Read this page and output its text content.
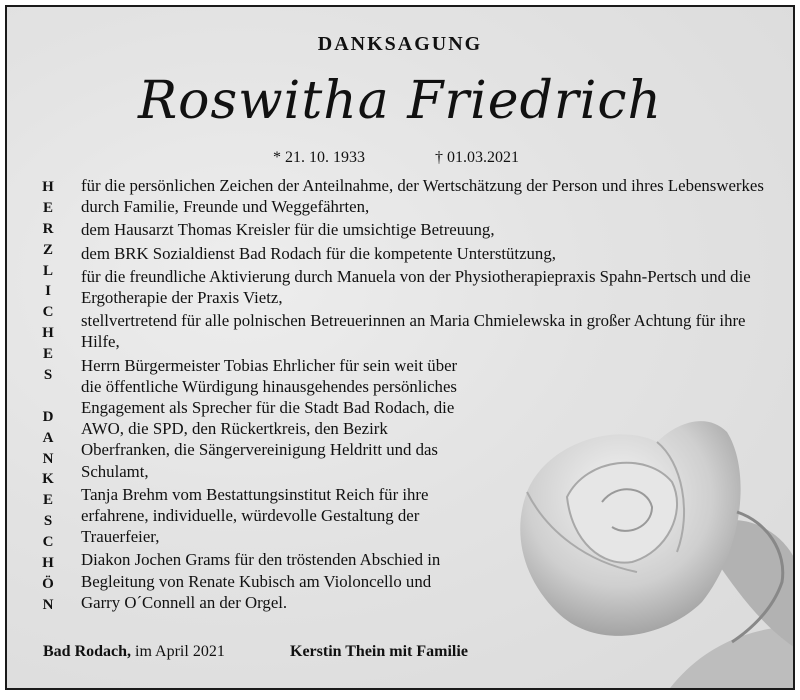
DANKSAGUNG
Roswitha Friedrich
* 21. 10. 1933	† 01.03.2021
H
E
R
Z
L
I
C
H
E
S
D
A
N
K
E
S
C
H
Ö
N

für die persönlichen Zeichen der Anteilnahme, der Wertschätzung der Person und ihres Lebenswerkes durch Familie, Freunde und Weggefährten,

dem Hausarzt Thomas Kreisler für die umsichtige Betreuung,

dem BRK Sozialdienst Bad Rodach für die kompetente Unterstützung,

für die freundliche Aktivierung durch Manuela von der Physiotherapiepraxis Spahn-Pertsch und die Ergotherapie der Praxis Vietz,

stellvertretend für alle polnischen Betreuerinnen an Maria Chmielewska in großer Achtung für ihre Hilfe,

Herrn Bürgermeister Tobias Ehrlicher für sein weit über die öffentliche Würdigung hinausgehendes persönliches Engagement als Sprecher für die Stadt Bad Rodach, die AWO, die SPD, den Rückertkreis, den Bezirk Oberfranken, die Sängervereinigung Heldritt und das Schulamt,

Tanja Brehm vom Bestattungsinstitut Reich für ihre erfahrene, individuelle, würdevolle Gestaltung der Trauerfeier,

Diakon Jochen Grams für den tröstenden Abschied in Begleitung von Renate Kubisch am Violoncello und Garry O´Connell an der Orgel.

Bad Rodach, im April 2021	Kerstin Thein mit Familie
